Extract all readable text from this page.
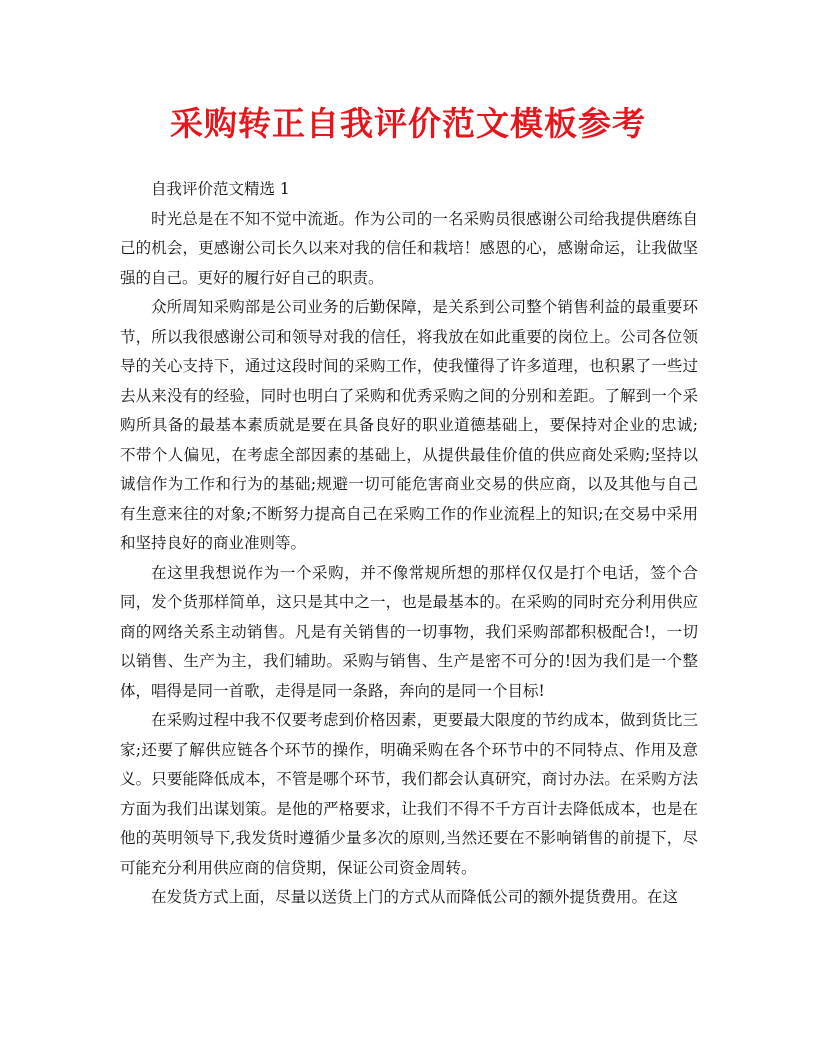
采购转正自我评价范文模板参考

自我评价范文精选 1

时光总是在不知不觉中流逝。作为公司的一名采购员很感谢公司给我提供磨练自己的机会，更感谢公司长久以来对我的信任和栽培！感恩的心，感谢命运，让我做坚强的自己。更好的履行好自己的职责。

众所周知采购部是公司业务的后勤保障，是关系到公司整个销售利益的最重要环节，所以我很感谢公司和领导对我的信任，将我放在如此重要的岗位上。公司各位领导的关心支持下，通过这段时间的采购工作，使我懂得了许多道理，也积累了一些过去从来没有的经验，同时也明白了采购和优秀采购之间的分别和差距。了解到一个采购所具备的最基本素质就是要在具备良好的职业道德基础上，要保持对企业的忠诚;不带个人偏见，在考虑全部因素的基础上，从提供最佳价值的供应商处采购;坚持以诚信作为工作和行为的基础;规避一切可能危害商业交易的供应商，以及其他与自己有生意来往的对象;不断努力提高自己在采购工作的作业流程上的知识;在交易中采用和坚持良好的商业准则等。

在这里我想说作为一个采购，并不像常规所想的那样仅仅是打个电话，签个合同，发个货那样简单，这只是其中之一，也是最基本的。在采购的同时充分利用供应商的网络关系主动销售。凡是有关销售的一切事物，我们采购部都积极配合!，一切以销售、生产为主，我们辅助。采购与销售、生产是密不可分的!因为我们是一个整体，唱得是同一首歌，走得是同一条路，奔向的是同一个目标!

在采购过程中我不仅要考虑到价格因素，更要最大限度的节约成本，做到货比三家;还要了解供应链各个环节的操作，明确采购在各个环节中的不同特点、作用及意义。只要能降低成本，不管是哪个环节，我们都会认真研究，商讨办法。在采购方法方面为我们出谋划策。是他的严格要求，让我们不得不千方百计去降低成本，也是在他的英明领导下,我发货时遵循少量多次的原则,当然还要在不影响销售的前提下，尽可能充分利用供应商的信贷期，保证公司资金周转。

在发货方式上面，尽量以送货上门的方式从而降低公司的额外提货费用。在这
